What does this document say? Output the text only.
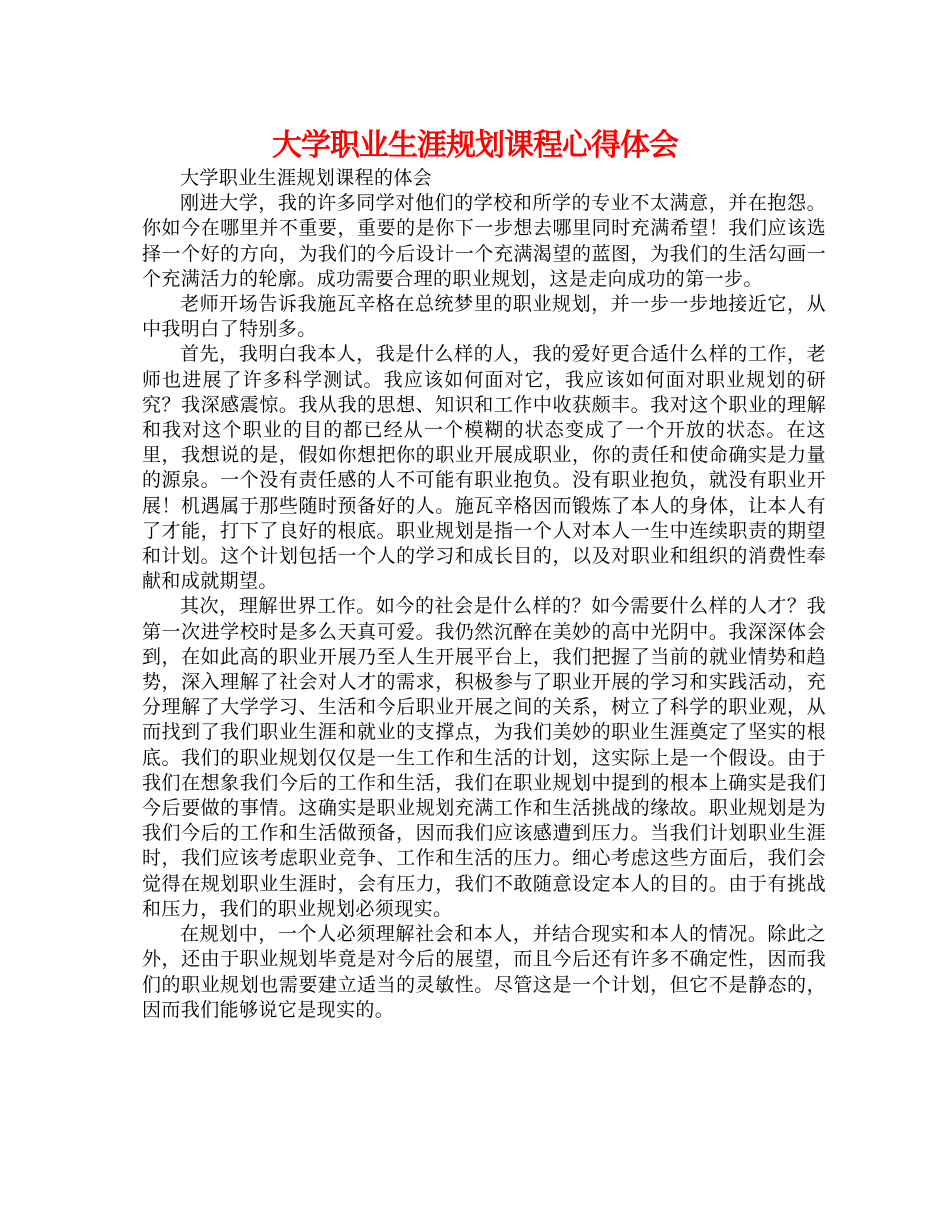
大学职业生涯规划课程心得体会

大学职业生涯规划课程的体会

刚进大学，我的许多同学对他们的学校和所学的专业不太满意，并在抱怨。你如今在哪里并不重要，重要的是你下一步想去哪里同时充满希望！我们应该选择一个好的方向，为我们的今后设计一个充满渴望的蓝图，为我们的生活勾画一个充满活力的轮廓。成功需要合理的职业规划，这是走向成功的第一步。

老师开场告诉我施瓦辛格在总统梦里的职业规划，并一步一步地接近它，从中我明白了特别多。

首先，我明白我本人，我是什么样的人，我的爱好更合适什么样的工作，老师也进展了许多科学测试。我应该如何面对它，我应该如何面对职业规划的研究？我深感震惊。我从我的思想、知识和工作中收获颇丰。我对这个职业的理解和我对这个职业的目的都已经从一个模糊的状态变成了一个开放的状态。在这里，我想说的是，假如你想把你的职业开展成职业，你的责任和使命确实是力量的源泉。一个没有责任感的人不可能有职业抱负。没有职业抱负，就没有职业开展！机遇属于那些随时预备好的人。施瓦辛格因而锻炼了本人的身体，让本人有了才能，打下了良好的根底。职业规划是指一个人对本人一生中连续职责的期望和计划。这个计划包括一个人的学习和成长目的，以及对职业和组织的消费性奉献和成就期望。

其次，理解世界工作。如今的社会是什么样的？如今需要什么样的人才？我第一次进学校时是多么天真可爱。我仍然沉醉在美妙的高中光阴中。我深深体会到，在如此高的职业开展乃至人生开展平台上，我们把握了当前的就业情势和趋势，深入理解了社会对人才的需求，积极参与了职业开展的学习和实践活动，充分理解了大学学习、生活和今后职业开展之间的关系，树立了科学的职业观，从而找到了我们职业生涯和就业的支撑点，为我们美妙的职业生涯奠定了坚实的根底。我们的职业规划仅仅是一生工作和生活的计划，这实际上是一个假设。由于我们在想象我们今后的工作和生活，我们在职业规划中提到的根本上确实是我们今后要做的事情。这确实是职业规划充满工作和生活挑战的缘故。职业规划是为我们今后的工作和生活做预备，因而我们应该感遭到压力。当我们计划职业生涯时，我们应该考虑职业竞争、工作和生活的压力。细心考虑这些方面后，我们会觉得在规划职业生涯时，会有压力，我们不敢随意设定本人的目的。由于有挑战和压力，我们的职业规划必须现实。

在规划中，一个人必须理解社会和本人，并结合现实和本人的情况。除此之外，还由于职业规划毕竟是对今后的展望，而且今后还有许多不确定性，因而我们的职业规划也需要建立适当的灵敏性。尽管这是一个计划，但它不是静态的，因而我们能够说它是现实的。
